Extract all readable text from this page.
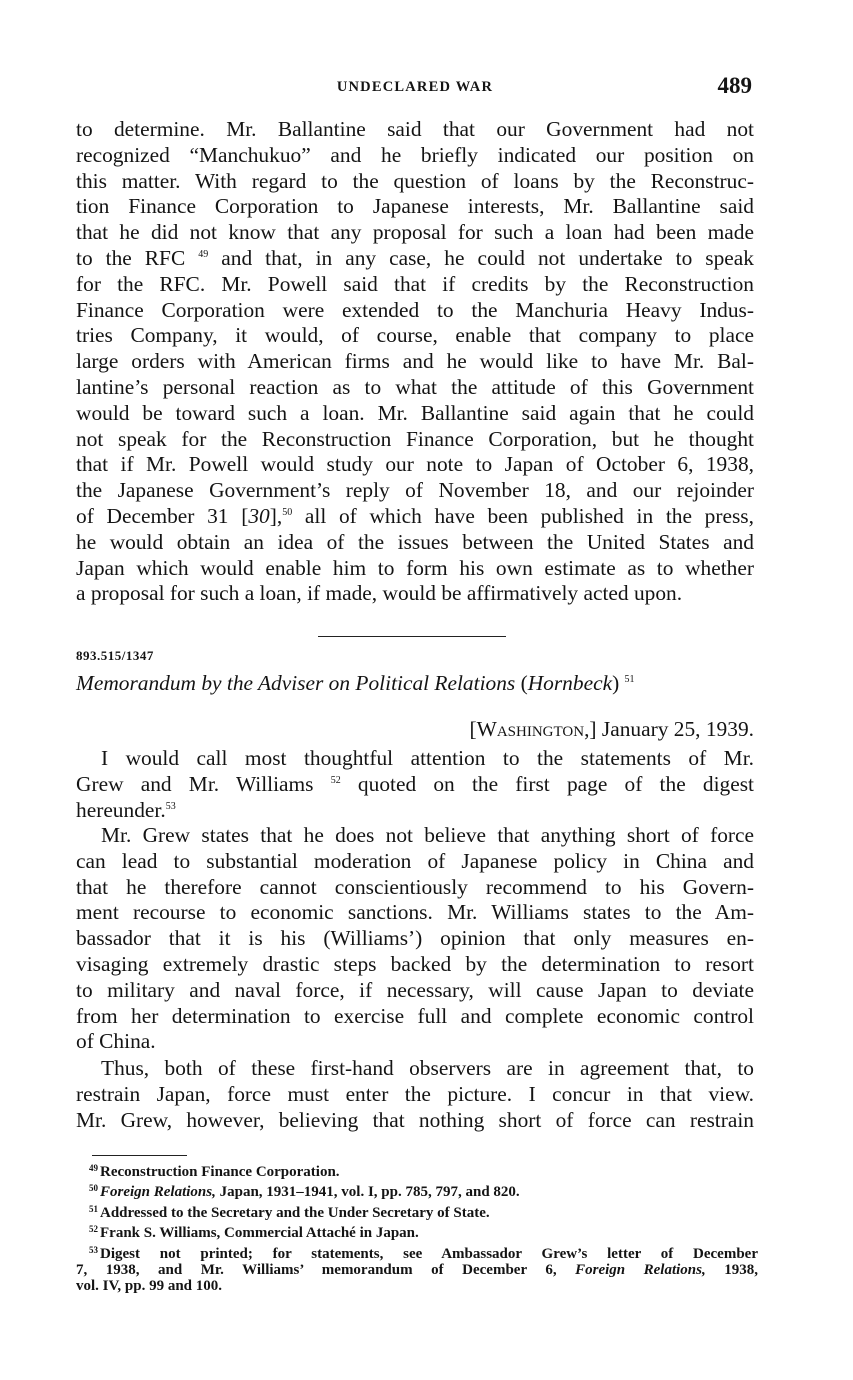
UNDECLARED WAR	489
to determine. Mr. Ballantine said that our Government had not
recognized “Manchukuo” and he briefly indicated our position on
this matter. With regard to the question of loans by the Reconstruc-
tion Finance Corporation to Japanese interests, Mr. Ballantine said
that he did not know that any proposal for such a loan had been made
to the RFC $^{49}$ and that, in any case, he could not undertake to speak
for the RFC. Mr. Powell said that if credits by the Reconstruction
Finance Corporation were extended to the Manchuria Heavy Indus-
tries Company, it would, of course, enable that company to place
large orders with American firms and he would like to have Mr. Bal-
lantine’s personal reaction as to what the attitude of this Government
would be toward such a loan. Mr. Ballantine said again that he could
not speak for the Reconstruction Finance Corporation, but he thought
that if Mr. Powell would study our note to Japan of October 6, 1938,
the Japanese Government’s reply of November 18, and our rejoinder
of December 31 [30],$^{50}$ all of which have been published in the press,
he would obtain an idea of the issues between the United States and
Japan which would enable him to form his own estimate as to whether
a proposal for such a loan, if made, would be affirmatively acted upon.
893.515/1347
Memorandum by the Adviser on Political Relations (Hornbeck) $^{51}$
[Washington,] January 25, 1939.
I would call most thoughtful attention to the statements of Mr.
Grew and Mr. Williams $^{52}$ quoted on the first page of the digest
hereunder.$^{53}$
Mr. Grew states that he does not believe that anything short of force
can lead to substantial moderation of Japanese policy in China and
that he therefore cannot conscientiously recommend to his Govern-
ment recourse to economic sanctions. Mr. Williams states to the Am-
bassador that it is his (Williams’) opinion that only measures en-
visaging extremely drastic steps backed by the determination to resort
to military and naval force, if necessary, will cause Japan to deviate
from her determination to exercise full and complete economic control
of China.
Thus, both of these first-hand observers are in agreement that, to
restrain Japan, force must enter the picture. I concur in that view.
Mr. Grew, however, believing that nothing short of force can restrain
$^{49}$ Reconstruction Finance Corporation.
$^{50}$ Foreign Relations, Japan, 1931–1941, vol. I, pp. 785, 797, and 820.
$^{51}$ Addressed to the Secretary and the Under Secretary of State.
$^{52}$ Frank S. Williams, Commercial Attaché in Japan.
$^{53}$ Digest not printed; for statements, see Ambassador Grew’s letter of December
7, 1938, and Mr. Williams’ memorandum of December 6, Foreign Relations, 1938,
vol. IV, pp. 99 and 100.
